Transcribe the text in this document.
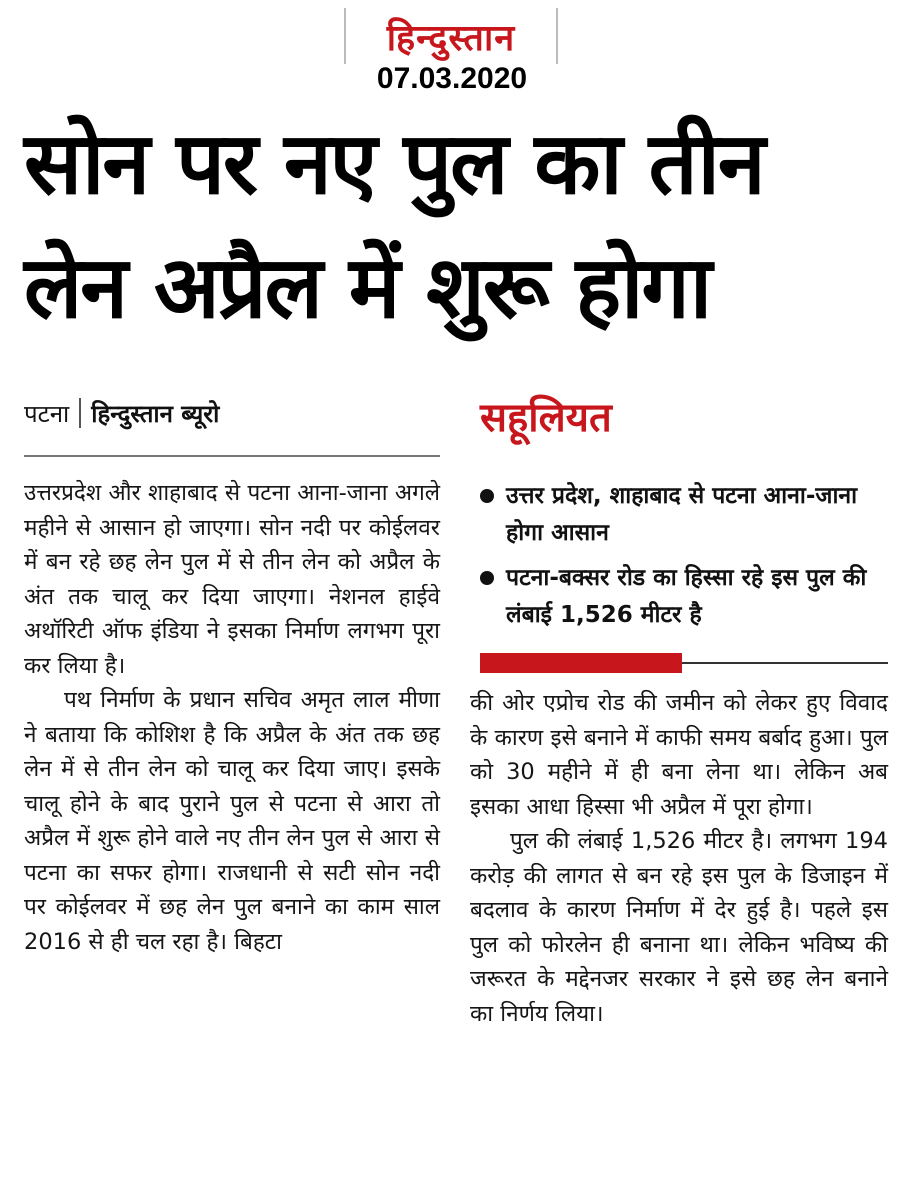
हिन्दुस्तान
07.03.2020
सोन पर नए पुल का तीन
लेन अप्रैल में शुरू होगा
पटना हिन्दुस्तान ब्यूरो

उत्तरप्रदेश और शाहाबाद से पटना आना-जाना अगले महीने से आसान हो जाएगा। सोन नदी पर कोईलवर में बन रहे छह लेन पुल में से तीन लेन को अप्रैल के अंत तक चालू कर दिया जाएगा। नेशनल हाईवे अथॉरिटी ऑफ इंडिया ने इसका निर्माण लगभग पूरा कर लिया है।

पथ निर्माण के प्रधान सचिव अमृत लाल मीणा ने बताया कि कोशिश है कि अप्रैल के अंत तक छह लेन में से तीन लेन को चालू कर दिया जाए। इसके चालू होने के बाद पुराने पुल से पटना से आरा तो अप्रैल में शुरू होने वाले नए तीन लेन पुल से आरा से पटना का सफर होगा। राजधानी से सटी सोन नदी पर कोईलवर में छह लेन पुल बनाने का काम साल 2016 से ही चल रहा है। बिहटा

सहूलियत
उत्तर प्रदेश, शाहाबाद से पटना आना-जाना होगा आसान
पटना-बक्सर रोड का हिस्सा रहे इस पुल की लंबाई 1,526 मीटर है

की ओर एप्रोच रोड की जमीन को लेकर हुए विवाद के कारण इसे बनाने में काफी समय बर्बाद हुआ। पुल को 30 महीने में ही बना लेना था। लेकिन अब इसका आधा हिस्सा भी अप्रैल में पूरा होगा।

पुल की लंबाई 1,526 मीटर है। लगभग 194 करोड़ की लागत से बन रहे इस पुल के डिजाइन में बदलाव के कारण निर्माण में देर हुई है। पहले इस पुल को फोरलेन ही बनाना था। लेकिन भविष्य की जरूरत के मद्देनजर सरकार ने इसे छह लेन बनाने का निर्णय लिया।
